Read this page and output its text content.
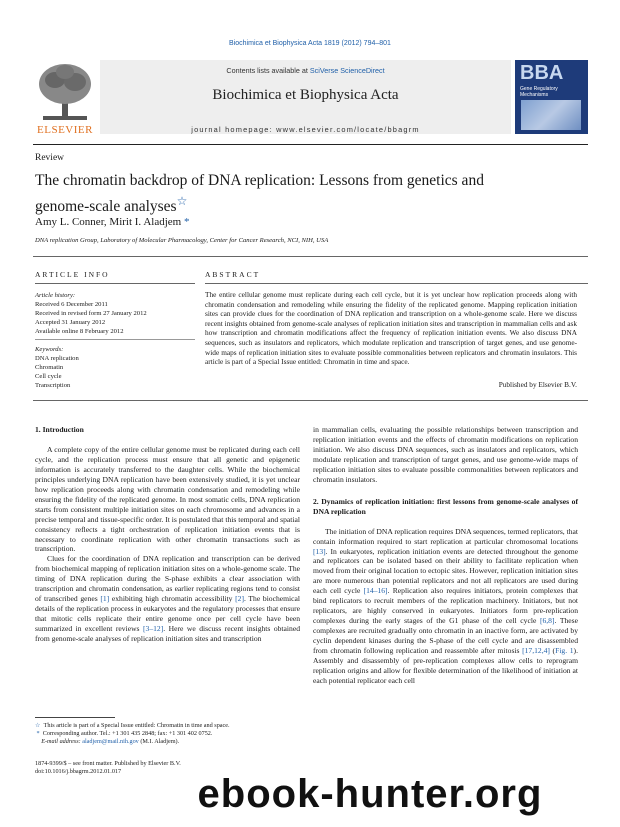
Biochimica et Biophysica Acta 1819 (2012) 794–801
Contents lists available at SciVerse ScienceDirect
Biochimica et Biophysica Acta
journal homepage: www.elsevier.com/locate/bbagrm
ELSEVIER
BBA
Gene Regulatory
Mechanisms
Review
The chromatin backdrop of DNA replication: Lessons from genetics and
genome-scale analyses☆
Amy L. Conner, Mirit I. Aladjem *
DNA replication Group, Laboratory of Molecular Pharmacology, Center for Cancer Research, NCI, NIH, USA
ARTICLE INFO	ABSTRACT
Article history:
Received 6 December 2011
Received in revised form 27 January 2012
Accepted 31 January 2012
Available online 8 February 2012
Keywords:
DNA replication
Chromatin
Cell cycle
Transcription
The entire cellular genome must replicate during each cell cycle, but it is yet unclear how replication proceeds along with chromatin condensation and remodeling while ensuring the fidelity of the replicated genome. Mapping replication initiation sites can provide clues for the coordination of DNA replication and transcription on a whole-genome scale. Here we discuss recent insights obtained from genome-scale analyses of replication initiation sites and transcription in mammalian cells and ask how transcription and chromatin modifications affect the frequency of replication initiation events. We also discuss DNA sequences, such as insulators and replicators, which modulate replication and transcription of target genes, and use genome-wide maps of replication initiation sites to evaluate possible commonalities between replicators and chromatin insulators. This article is part of a Special Issue entitled: Chromatin in time and space.
Published by Elsevier B.V.

1. Introduction

A complete copy of the entire cellular genome must be replicated during each cell cycle, and the replication process must ensure that all genetic and epigenetic information is accurately transferred to the daughter cells. While the biochemical principles underlying DNA replication have been extensively studied, it is yet unclear how replication proceeds along with chromatin condensation and remodeling while ensuring the fidelity of the replicated genome. In most somatic cells, DNA replication starts from consistent multiple initiation sites on each chromosome and advances in a precise temporal and tissue-specific order. It is postulated that this temporal and spatial consistency reflects a tight orchestration of replication initiation events that is necessary to coordinate replication with other chromatin transactions such as transcription.

Clues for the coordination of DNA replication and transcription can be derived from biochemical mapping of replication initiation sites on a whole-genome scale. The timing of DNA replication during the S-phase exhibits a clear association with transcription and chromatin condensation, as earlier replicating regions tend to consist of transcribed genes [1] exhibiting high chromatin accessibility [2]. The biochemical details of the replication process in eukaryotes and the regulatory processes that ensure that mitotic cells replicate their entire genome once per cell cycle have been summarized in excellent reviews [3–12]. Here we discuss recent insights obtained from genome-scale analyses of replication initiation sites and transcription

in mammalian cells, evaluating the possible relationships between transcription and replication initiation events and the effects of chromatin modifications on replication initiation. We also discuss DNA sequences, such as insulators and replicators, which modulate replication and transcription of target genes, and use genome-wide maps of replication initiation sites to evaluate possible commonalities between replicators and chromatin insulators.

2. Dynamics of replication initiation: first lessons from genome-scale analyses of DNA replication

The initiation of DNA replication requires DNA sequences, termed replicators, that contain information required to start replication at particular chromosomal locations [13]. In eukaryotes, replication initiation events are detected throughout the genome and replicators can be isolated based on their ability to facilitate replication when moved from their original location to ectopic sites. However, replication initiation sites are more numerous than potential replicators and not all replicators are used during each cell cycle [14–16]. Replication also requires initiators, protein complexes that bind replicators to recruit members of the replication machinery. Initiators, but not replicators, are highly conserved in eukaryotes. Initiators form pre-replication complexes during the early stages of the G1 phase of the cell cycle [6,8]. These complexes are recruited gradually onto chromatin in an inactive form, are activated by cyclin dependent kinases during the S-phase of the cell cycle and are disassembled from chromatin following replication and reassemble after mitosis [17,12,4] (Fig. 1). Assembly and disassembly of pre-replication complexes allow cells to reprogram replication origins and allow for flexible determination of the likelihood of initiation at each potential replicator each cell

☆ This article is part of a Special Issue entitled: Chromatin in time and space.
* Corresponding author. Tel.: +1 301 435 2848; fax: +1 301 402 0752.
E-mail address: aladjem@mail.nih.gov (M.I. Aladjem).
1874-9399/$ – see front matter. Published by Elsevier B.V.
doi:10.1016/j.bbagrm.2012.01.017
ebook-hunter.org
